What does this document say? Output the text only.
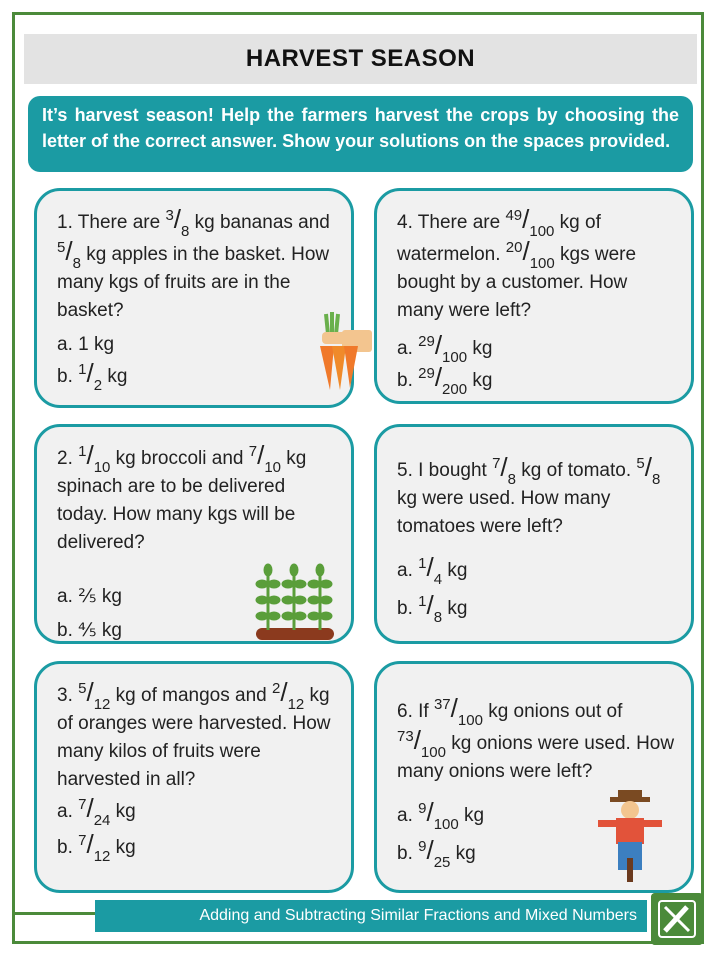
HARVEST SEASON
It’s harvest season! Help the farmers harvest the crops by choosing the letter of the correct answer. Show your solutions on the spaces provided.

1. There are $^3/_8$ kg bananas and $^5/_8$ kg apples in the basket. How many kgs of fruits are in the basket?

a. 1 kg

b. $^1/_2$ kg

2. $^1/_{10}$ kg broccoli and $^7/_{10}$ kg spinach are to be delivered today. How many kgs will be delivered?

a. ⅖ kg

b. ⅘ kg

3. $^5/_{12}$ kg of mangos and $^2/_{12}$ kg of oranges were harvested. How many kilos of fruits were harvested in all?

a. $^7/_{24}$ kg

b. $^7/_{12}$ kg

4. There are $^{49}/_{100}$ kg of watermelon. $^{20}/_{100}$ kgs were bought by a customer. How many were left?

a. $^{29}/_{100}$ kg

b. $^{29}/_{200}$ kg

5. I bought $^7/_8$ kg of tomato. $^5/_8$ kg were used. How many tomatoes were left?

a. $^1/_4$ kg

b. $^1/_8$ kg

6. If $^{37}/_{100}$ kg onions out of $^{73}/_{100}$ kg onions were used. How many onions were left?

a. $^9/_{100}$ kg

b. $^9/_{25}$ kg

Adding and Subtracting Similar Fractions and Mixed Numbers
